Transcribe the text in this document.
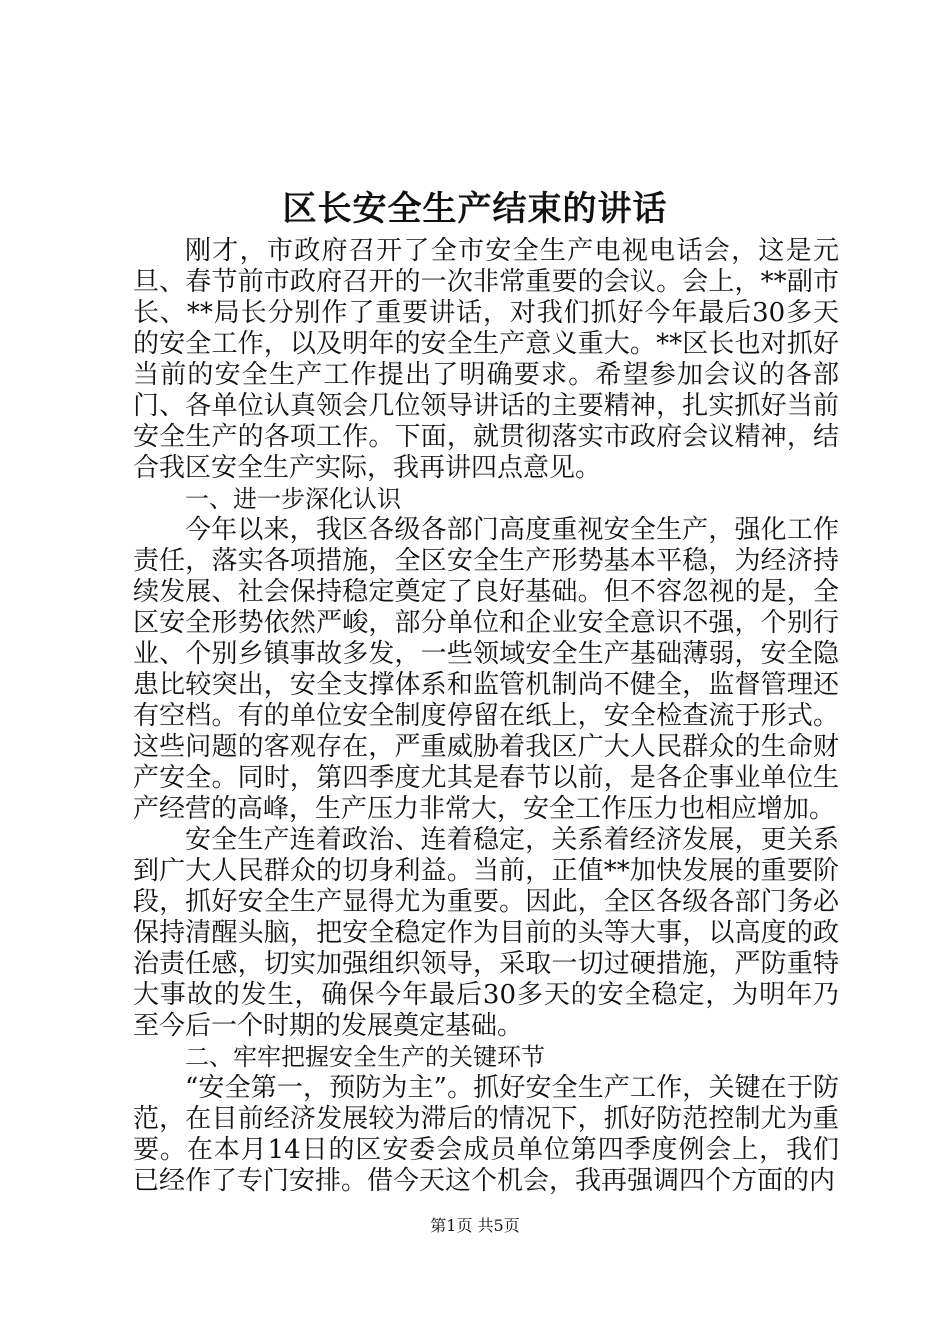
区长安全生产结束的讲话

刚才，市政府召开了全市安全生产电视电话会，这是元旦、春节前市政府召开的一次非常重要的会议。会上，**副市长、**局长分别作了重要讲话，对我们抓好今年最后30多天的安全工作，以及明年的安全生产意义重大。**区长也对抓好当前的安全生产工作提出了明确要求。希望参加会议的各部门、各单位认真领会几位领导讲话的主要精神，扎实抓好当前安全生产的各项工作。下面，就贯彻落实市政府会议精神，结合我区安全生产实际，我再讲四点意见。

一、进一步深化认识

今年以来，我区各级各部门高度重视安全生产，强化工作责任，落实各项措施，全区安全生产形势基本平稳，为经济持续发展、社会保持稳定奠定了良好基础。但不容忽视的是，全区安全形势依然严峻，部分单位和企业安全意识不强，个别行业、个别乡镇事故多发，一些领域安全生产基础薄弱，安全隐患比较突出，安全支撑体系和监管机制尚不健全，监督管理还有空档。有的单位安全制度停留在纸上，安全检查流于形式。这些问题的客观存在，严重威胁着我区广大人民群众的生命财产安全。同时，第四季度尤其是春节以前，是各企事业单位生产经营的高峰，生产压力非常大，安全工作压力也相应增加。

安全生产连着政治、连着稳定，关系着经济发展，更关系到广大人民群众的切身利益。当前，正值**加快发展的重要阶段，抓好安全生产显得尤为重要。因此，全区各级各部门务必保持清醒头脑，把安全稳定作为目前的头等大事，以高度的政治责任感，切实加强组织领导，采取一切过硬措施，严防重特大事故的发生，确保今年最后30多天的安全稳定，为明年乃至今后一个时期的发展奠定基础。

二、牢牢把握安全生产的关键环节

“安全第一，预防为主”。抓好安全生产工作，关键在于防范，在目前经济发展较为滞后的情况下，抓好防范控制尤为重要。在本月14日的区安委会成员单位第四季度例会上，我们已经作了专门安排。借今天这个机会，我再强调四个方面的内

第1页 共5页
